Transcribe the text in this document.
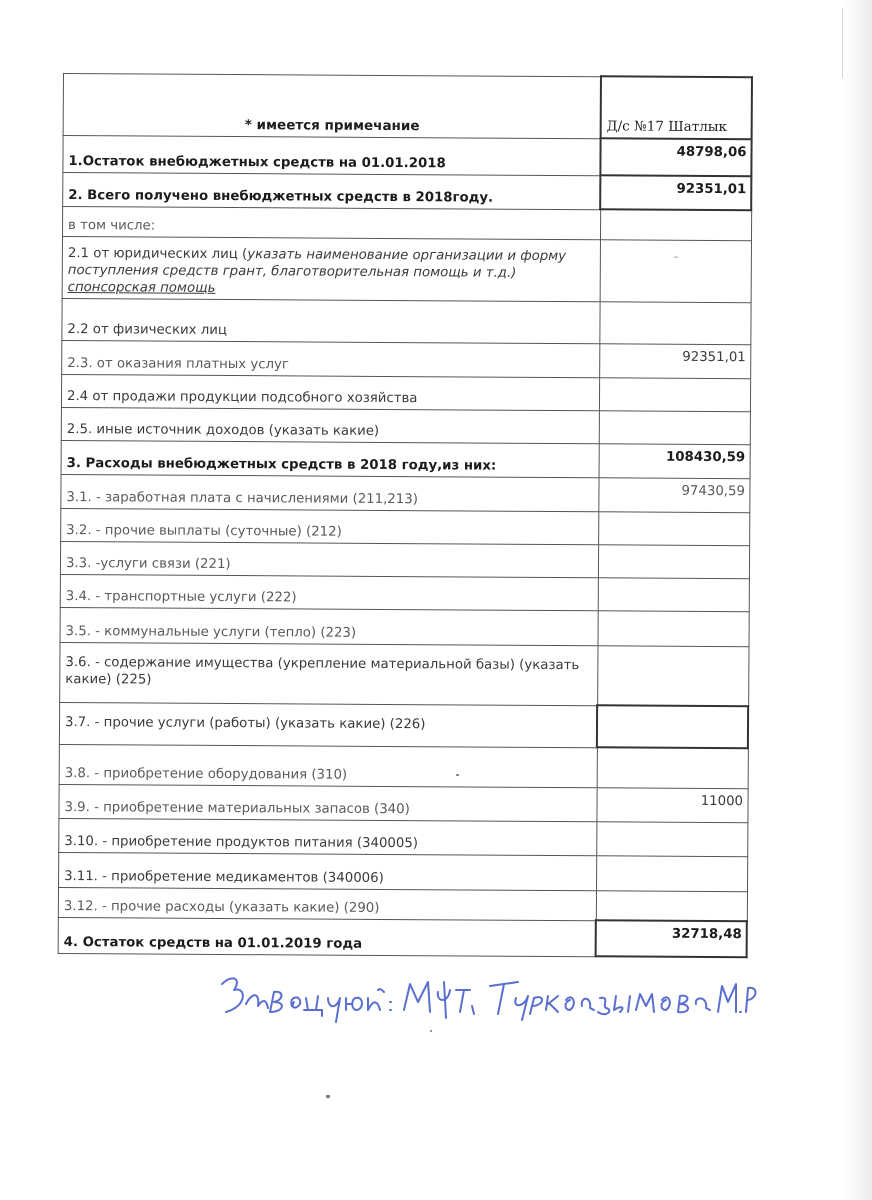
* имеется примечание	Д/с №17 Шатлык
1.Остаток внебюджетных средств на 01.01.2018	48798,06
2. Всего получено внебюджетных средств в 2018году.	92351,01
в том числе:	
2.1 от юридических лиц (указать наименование организации и форму поступления средств грант, благотворительная помощь и т.д.)
спонсорская помощь	-
2.2 от физических лиц	
2.3. от оказания платных услуг	92351,01
2.4 от продажи продукции подсобного хозяйства	
2.5. иные источник доходов (указать какие)	
3. Расходы внебюджетных средств в 2018 году,из них:	108430,59
3.1. - заработная плата с начислениями (211,213)	97430,59
3.2. - прочие выплаты (суточные) (212)	
3.3. -услуги связи (221)	
3.4. - транспортные услуги (222)	
3.5. - коммунальные услуги (тепло) (223)	
3.6. - содержание имущества (укрепление материальной базы) (указать какие) (225)	
3.7. - прочие услуги (работы) (указать какие) (226)	
3.8. - приобретение оборудования (310)	
3.9. - приобретение материальных запасов (340)	11000
3.10. - приобретение продуктов питания (340005)	
3.11. - приобретение медикаментов (340006)	
3.12. - прочие расходы (указать какие) (290)	
4. Остаток средств на 01.01.2019 года	32718,48
